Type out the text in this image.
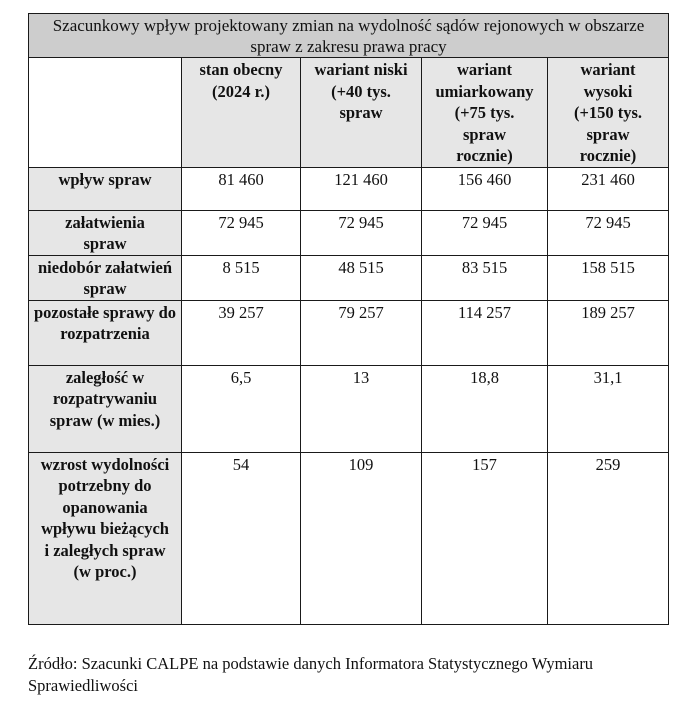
Szacunkowy wpływ projektowany zmian na wydolność sądów rejonowych w obszarze spraw z zakresu prawa pracy				
	stan obecny (2024 r.)	wariant niski (+40 tys. spraw	wariant umiarkowany (+75 tys. spraw rocznie)	wariant wysoki (+150 tys. spraw rocznie)
wpływ spraw	81 460	121 460	156 460	231 460
załatwienia spraw	72 945	72 945	72 945	72 945
niedobór załatwień spraw	8 515	48 515	83 515	158 515
pozostałe sprawy do rozpatrzenia	39 257	79 257	114 257	189 257
zaległość w rozpatrywaniu spraw (w mies.)	6,5	13	18,8	31,1
wzrost wydolności potrzebny do opanowania wpływu bieżących i zaległych spraw (w proc.)	54	109	157	259
Źródło: Szacunki CALPE na podstawie danych Informatora Statystycznego Wymiaru Sprawiedliwości
